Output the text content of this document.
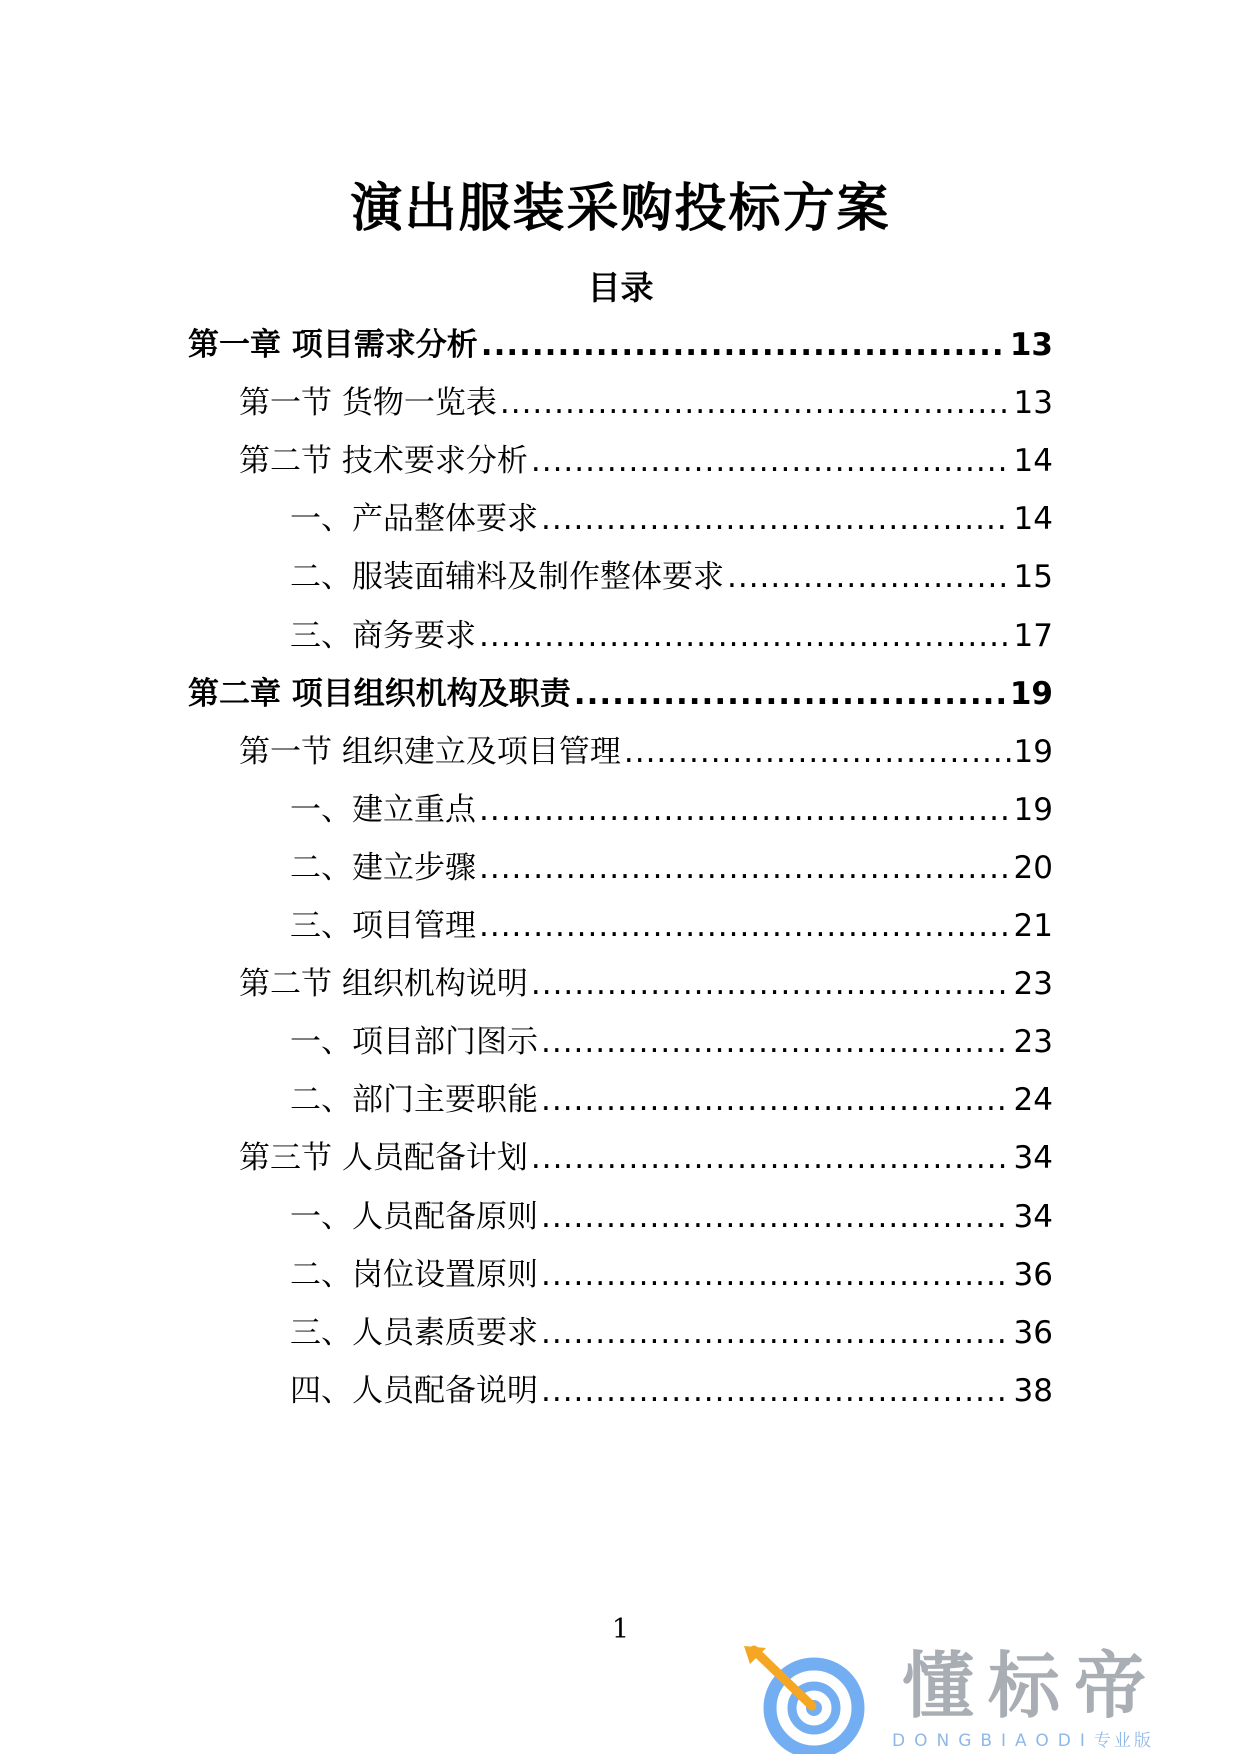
演出服装采购投标方案
目录
第一章 项目需求分析 .....	13
第一节 货物一览表 .....	13
第二节 技术要求分析 .....	14
一、产品整体要求 .....	14
二、服装面辅料及制作整体要求 .....	15
三、商务要求 .....	17
第二章 项目组织机构及职责 .....	19
第一节 组织建立及项目管理 .....	19
一、建立重点 .....	19
二、建立步骤 .....	20
三、项目管理 .....	21
第二节 组织机构说明 .....	23
一、项目部门图示 .....	23
二、部门主要职能 .....	24
第三节 人员配备计划 .....	34
一、人员配备原则 .....	34
二、岗位设置原则 .....	36
三、人员素质要求 .....	36
四、人员配备说明 .....	38
1
懂标帝
DONGBIAODI专业版
